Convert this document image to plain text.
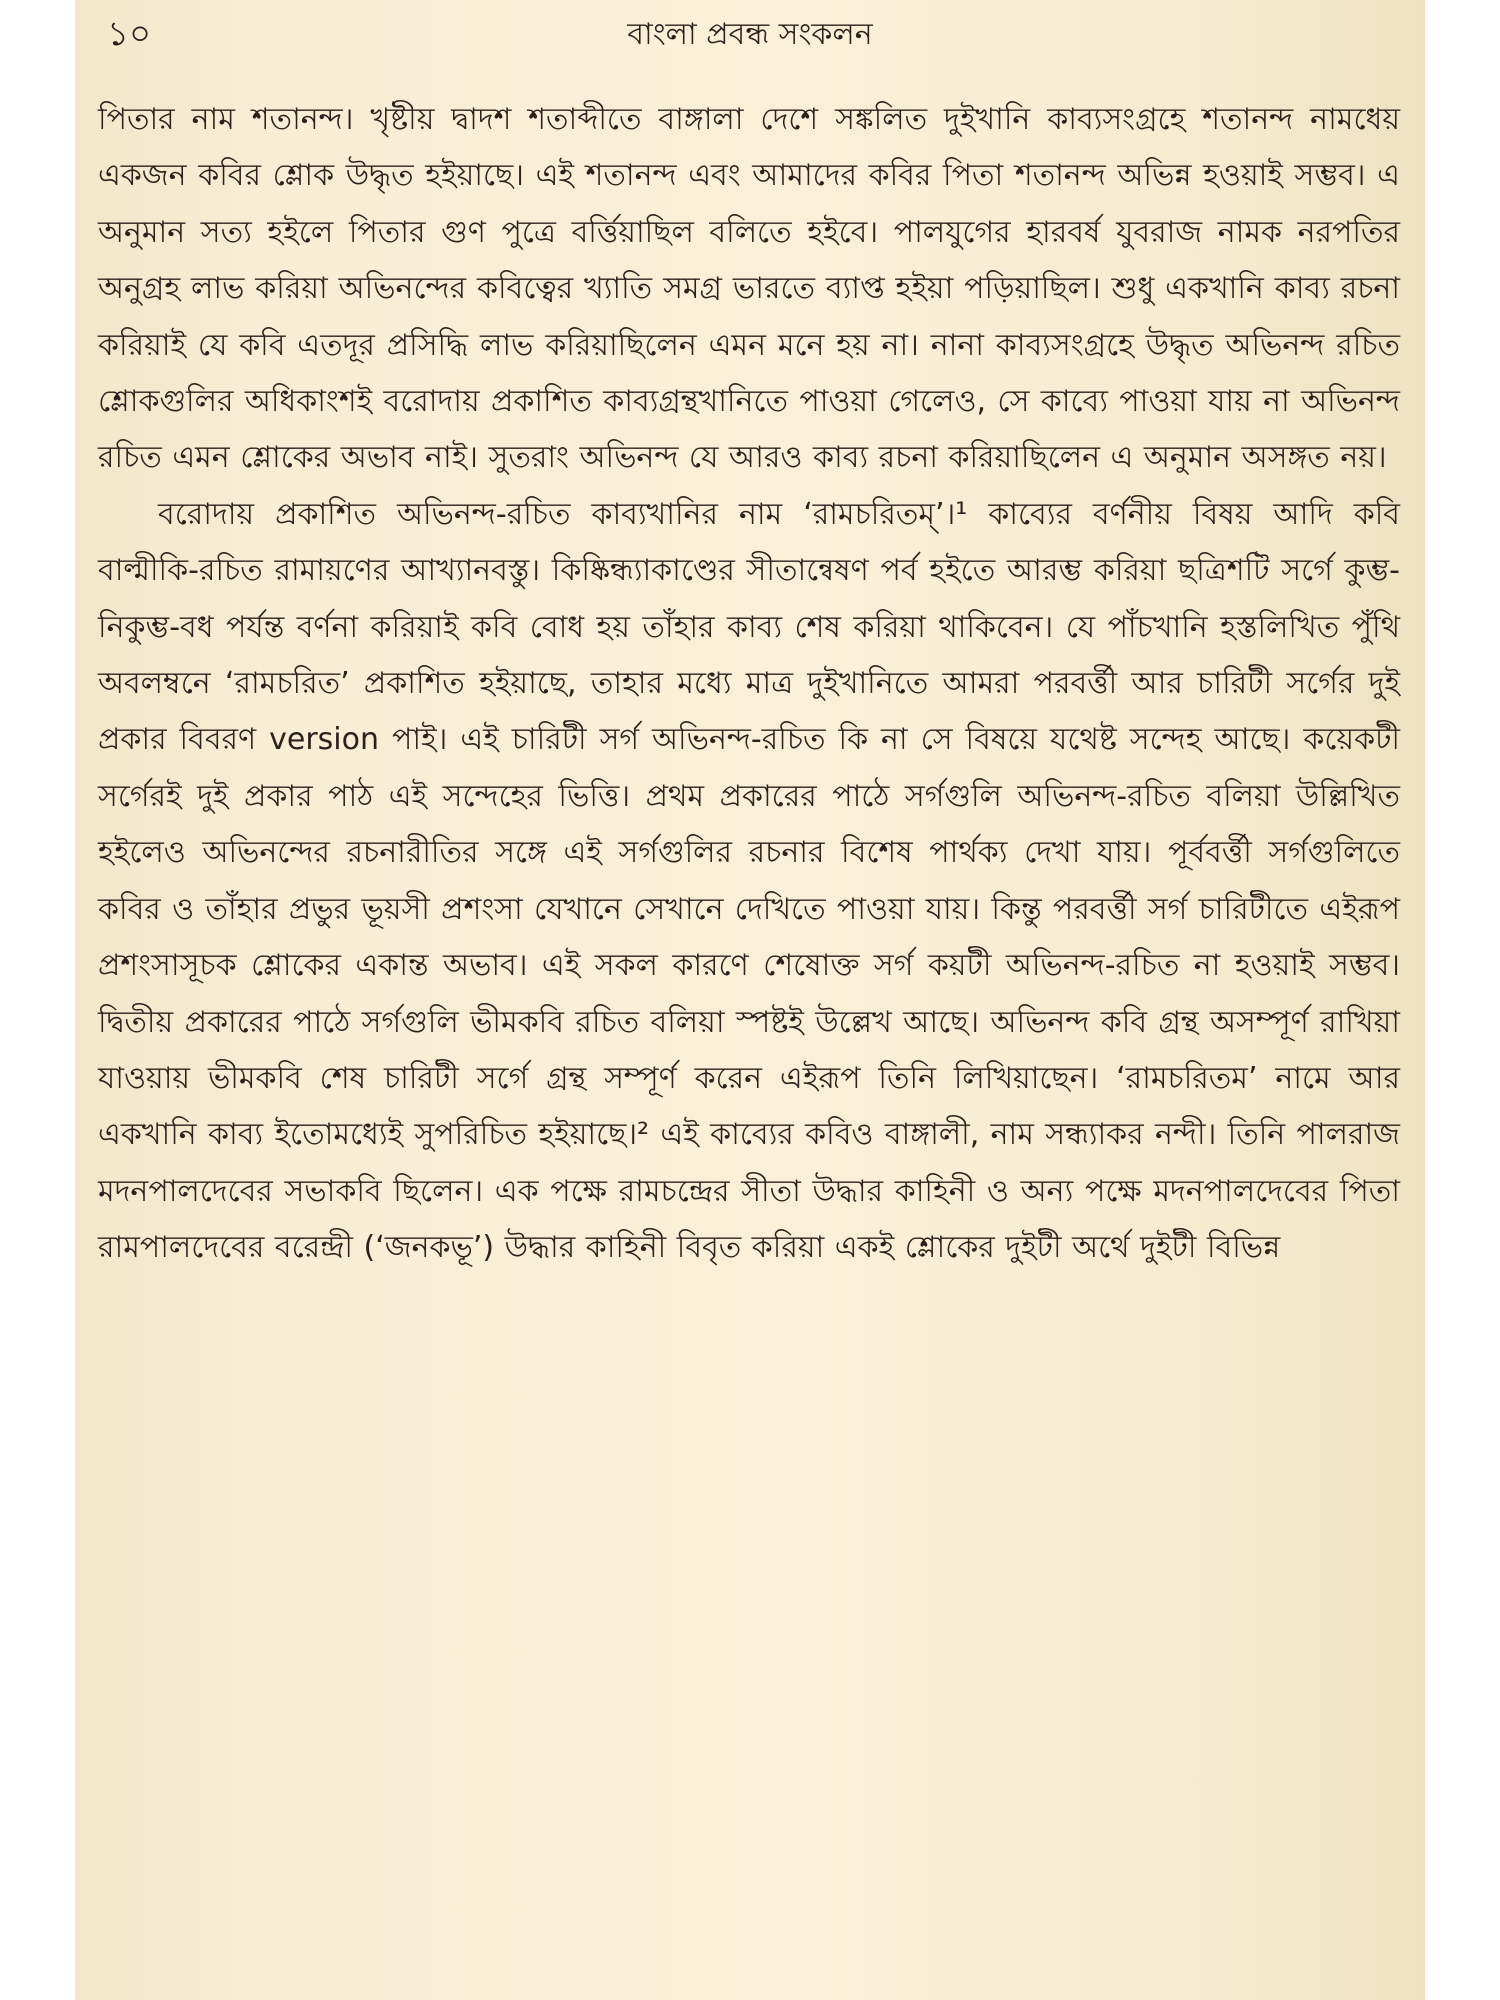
১০	বাংলা প্রবন্ধ সংকলন

পিতার নাম শতানন্দ। খৃষ্টীয় দ্বাদশ শতাব্দীতে বাঙ্গালা দেশে সঙ্কলিত দুইখানি কাব্যসংগ্রহে শতানন্দ নামধেয় একজন কবির শ্লোক উদ্ধৃত হইয়াছে। এই শতানন্দ এবং আমাদের কবির পিতা শতানন্দ অভিন্ন হওয়াই সম্ভব। এ অনুমান সত্য হইলে পিতার গুণ পুত্রে বর্ত্তিয়াছিল বলিতে হইবে। পালযুগের হারবর্ষ যুবরাজ নামক নরপতির অনুগ্রহ লাভ করিয়া অভিনন্দের কবিত্বের খ্যাতি সমগ্র ভারতে ব্যাপ্ত হইয়া পড়িয়াছিল। শুধু একখানি কাব্য রচনা করিয়াই যে কবি এতদূর প্রসিদ্ধি লাভ করিয়াছিলেন এমন মনে হয় না। নানা কাব্যসংগ্রহে উদ্ধৃত অভিনন্দ রচিত শ্লোকগুলির অধিকাংশই বরোদায় প্রকাশিত কাব্যগ্রন্থখানিতে পাওয়া গেলেও, সে কাব্যে পাওয়া যায় না অভিনন্দ রচিত এমন শ্লোকের অভাব নাই। সুতরাং অভিনন্দ যে আরও কাব্য রচনা করিয়াছিলেন এ অনুমান অসঙ্গত নয়।

বরোদায় প্রকাশিত অভিনন্দ-রচিত কাব্যখানির নাম ‘রামচরিতম্’।¹ কাব্যের বর্ণনীয় বিষয় আদি কবি বাল্মীকি-রচিত রামায়ণের আখ্যানবস্তু। কিষ্কিন্ধ্যাকাণ্ডের সীতান্বেষণ পর্ব হইতে আরম্ভ করিয়া ছত্রিশটি সর্গে কুম্ভ-নিকুম্ভ-বধ পর্যন্ত বর্ণনা করিয়াই কবি বোধ হয় তাঁহার কাব্য শেষ করিয়া থাকিবেন। যে পাঁচখানি হস্তলিখিত পুঁথি অবলম্বনে ‘রামচরিত’ প্রকাশিত হইয়াছে, তাহার মধ্যে মাত্র দুইখানিতে আমরা পরবর্ত্তী আর চারিটী সর্গের দুই প্রকার বিবরণ version পাই। এই চারিটী সর্গ অভিনন্দ-রচিত কি না সে বিষয়ে যথেষ্ট সন্দেহ আছে। কয়েকটী সর্গেরই দুই প্রকার পাঠ এই সন্দেহের ভিত্তি। প্রথম প্রকারের পাঠে সর্গগুলি অভিনন্দ-রচিত বলিয়া উল্লিখিত হইলেও অভিনন্দের রচনারীতির সঙ্গে এই সর্গগুলির রচনার বিশেষ পার্থক্য দেখা যায়। পূর্ববর্ত্তী সর্গগুলিতে কবির ও তাঁহার প্রভুর ভূয়সী প্রশংসা যেখানে সেখানে দেখিতে পাওয়া যায়। কিন্তু পরবর্ত্তী সর্গ চারিটীতে এইরূপ প্রশংসাসূচক শ্লোকের একান্ত অভাব। এই সকল কারণে শেষোক্ত সর্গ কয়টী অভিনন্দ-রচিত না হওয়াই সম্ভব। দ্বিতীয় প্রকারের পাঠে সর্গগুলি ভীমকবি রচিত বলিয়া স্পষ্টই উল্লেখ আছে। অভিনন্দ কবি গ্রন্থ অসম্পূর্ণ রাখিয়া যাওয়ায় ভীমকবি শেষ চারিটী সর্গে গ্রন্থ সম্পূর্ণ করেন এইরূপ তিনি লিখিয়াছেন। ‘রামচরিতম’ নামে আর একখানি কাব্য ইতোমধ্যেই সুপরিচিত হইয়াছে।² এই কাব্যের কবিও বাঙ্গালী, নাম সন্ধ্যাকর নন্দী। তিনি পালরাজ মদনপালদেবের সভাকবি ছিলেন। এক পক্ষে রামচন্দ্রের সীতা উদ্ধার কাহিনী ও অন্য পক্ষে মদনপালদেবের পিতা রামপালদেবের বরেন্দ্রী (‘জনকভূ’) উদ্ধার কাহিনী বিবৃত করিয়া একই শ্লোকের দুইটী অর্থে দুইটী বিভিন্ন
